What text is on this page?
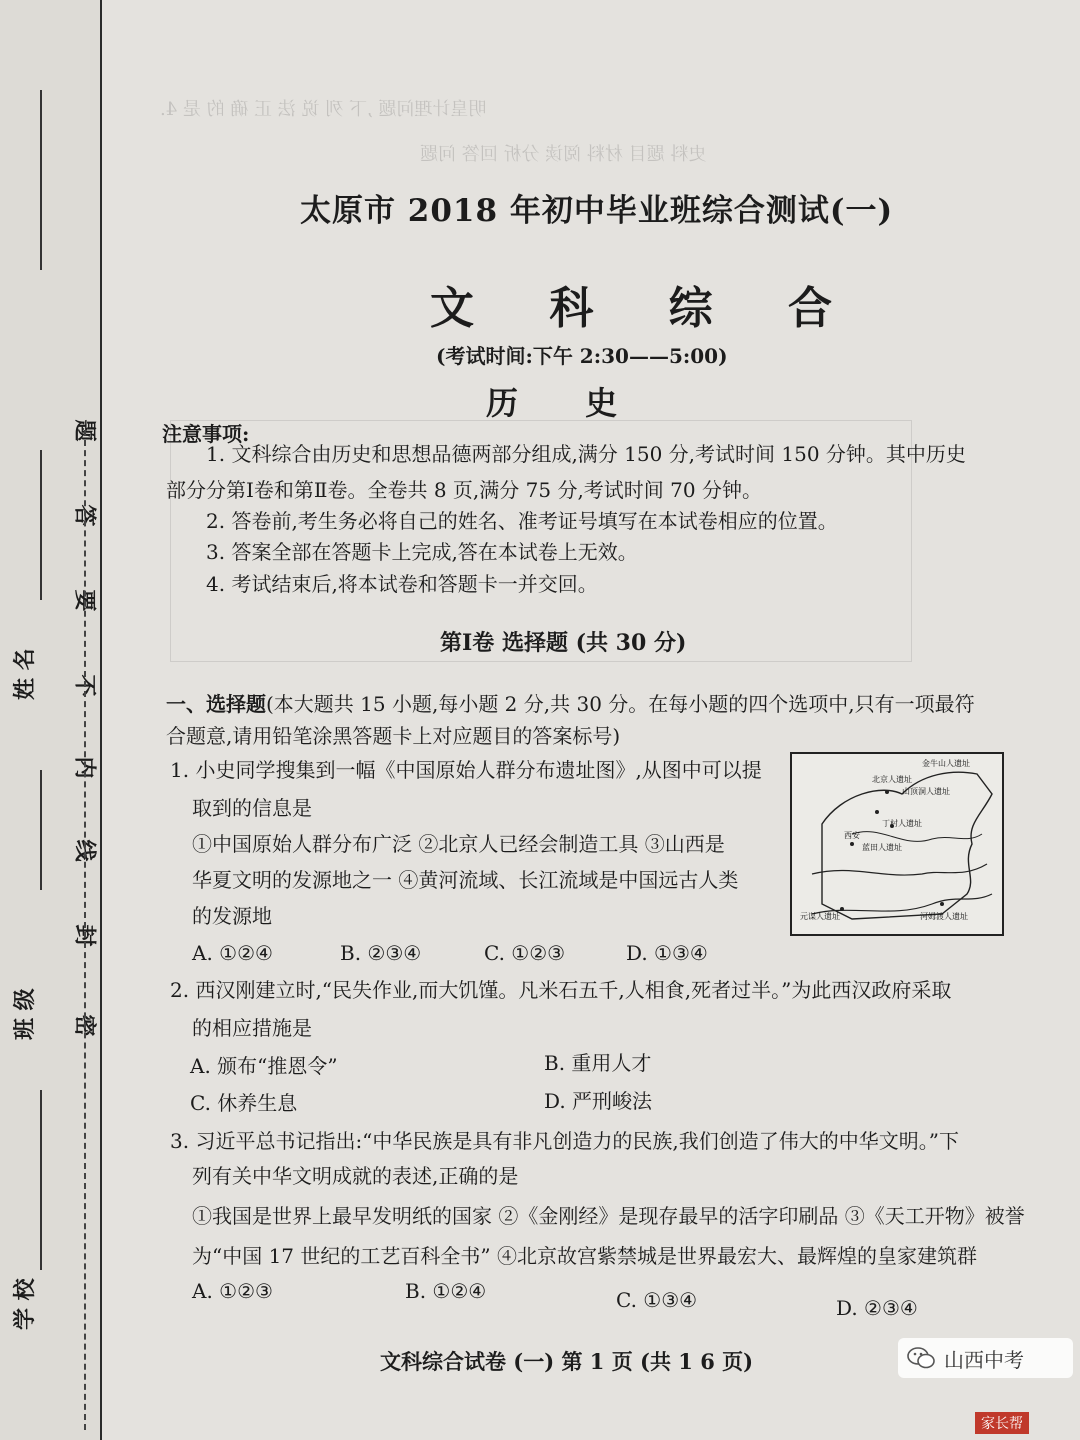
明皇计理问题 ,下 列 说 法 正 确 的 是 4.
史料 题目 材料 阅读 分析 回答 问题
学 校
班 级
姓 名
密
封
线
内
不
要
答
题
太原市 2018 年初中毕业班综合测试(一)
文 科 综 合
(考试时间:下午 2:30——5:00)
历 史
注意事项:
1. 文科综合由历史和思想品德两部分组成,满分 150 分,考试时间 150 分钟。其中历史
部分分第Ⅰ卷和第Ⅱ卷。全卷共 8 页,满分 75 分,考试时间 70 分钟。
2. 答卷前,考生务必将自己的姓名、准考证号填写在本试卷相应的位置。
3. 答案全部在答题卡上完成,答在本试卷上无效。
4. 考试结束后,将本试卷和答题卡一并交回。
第Ⅰ卷 选择题 (共 30 分)
一、选择题(本大题共 15 小题,每小题 2 分,共 30 分。在每小题的四个选项中,只有一项最符
合题意,请用铅笔涂黑答题卡上对应题目的答案标号)
1. 小史同学搜集到一幅《中国原始人群分布遗址图》,从图中可以提
取到的信息是
①中国原始人群分布广泛 ②北京人已经会制造工具 ③山西是
华夏文明的发源地之一 ④黄河流域、长江流域是中国远古人类
的发源地
A. ①②④	B. ②③④	C. ①②③	D. ①③④
金牛山人遗址
北京人遗址
山顶洞人遗址
丁村人遗址
西安
蓝田人遗址
元谋人遗址	河姆渡人遗址
2. 西汉刚建立时,“民失作业,而大饥馑。凡米石五千,人相食,死者过半。”为此西汉政府采取
的相应措施是
A. 颁布“推恩令”	B. 重用人才
C. 休养生息	D. 严刑峻法
3. 习近平总书记指出:“中华民族是具有非凡创造力的民族,我们创造了伟大的中华文明。”下
列有关中华文明成就的表述,正确的是
①我国是世界上最早发明纸的国家 ②《金刚经》是现存最早的活字印刷品 ③《天工开物》被誉
为“中国 17 世纪的工艺百科全书” ④北京故宫紫禁城是世界最宏大、最辉煌的皇家建筑群
A. ①②③	B. ①②④	C. ①③④	D. ②③④
文科综合试卷 (一) 第 1 页 (共 1 6 页)	山西中考
家长帮
